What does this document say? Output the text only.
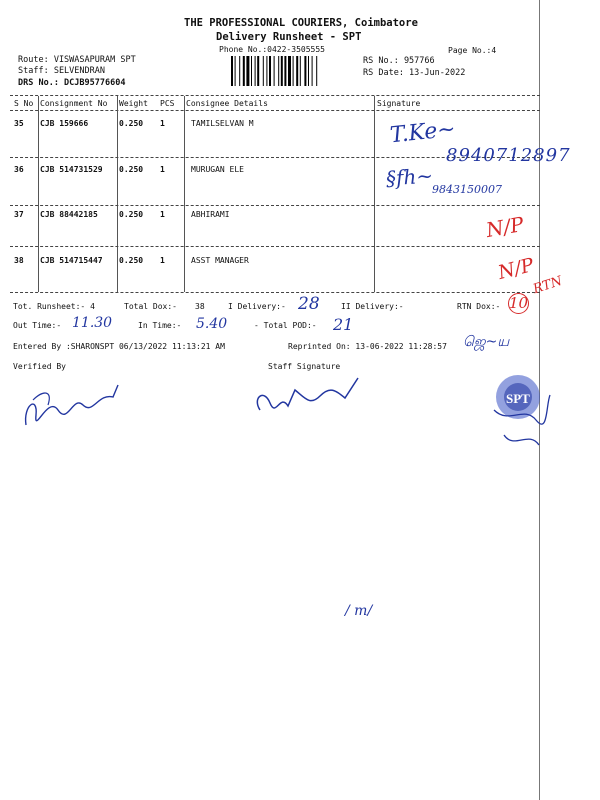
THE PROFESSIONAL COURIERS, Coimbatore
Delivery Runsheet - SPT
Phone No.:0422-3505555	Page No.:4
Route: VISWASAPURAM SPT
Staff: SELVENDRAN
DRS No.: DCJB95776604
RS No.: 957766
RS Date: 13-Jun-2022
S No Consignment No Weight PCS Consignee Details	Signature
35 CJB 159666	0.250 1	TAMILSELVAN M
36 CJB 514731529 0.250 1	MURUGAN ELE
37 CJB 88442185	0.250 1	ABHIRAMI
38 CJB 514715447 0.250 1	ASST MANAGER
T.Ke~
8940712897
§fh~
9843150007
N/P
N/P
RTN
Tot. Runsheet:- 4	Total Dox:- 38	I Delivery:- 28	II Delivery:-	RTN Dox:- 10
Out Time:- 11.30	In Time:- 5.40	- Total POD:- 21
Entered By :SHARONSPT 06/13/2022 11:13:21 AM	Reprinted On: 13-06-2022 11:28:57 ஜெ~ய
Verified By	Staff Signature
SPT
/ m/
